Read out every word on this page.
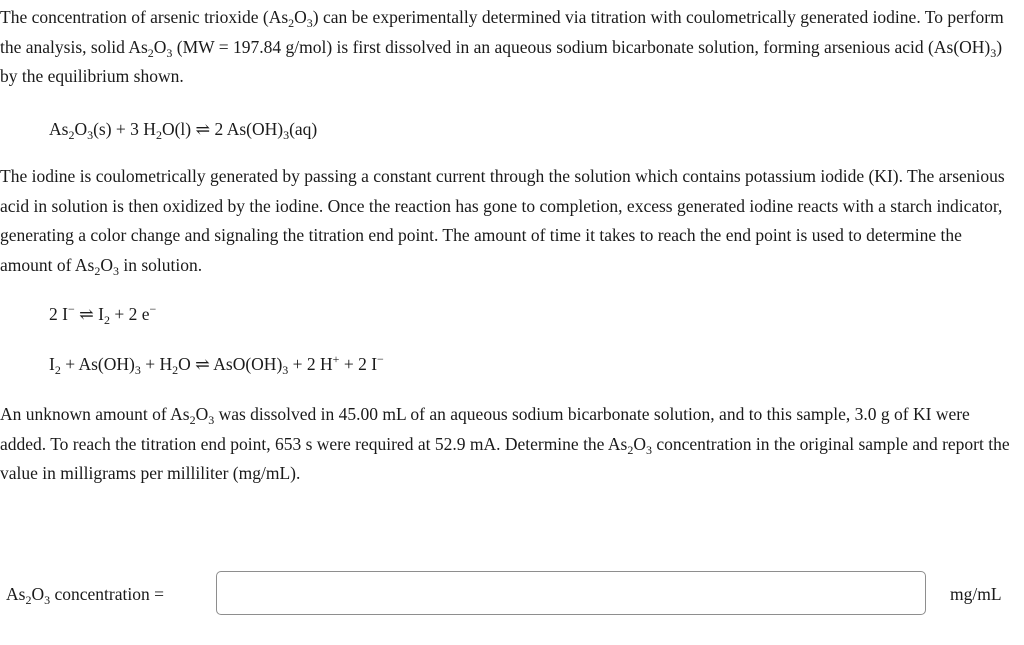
The concentration of arsenic trioxide $(As_2O_3)$ can be experimentally determined via titration with coulometrically generated iodine. To perform the analysis, solid $As_2O_3$ (MW = 197.84 g/mol) is first dissolved in an aqueous sodium bicarbonate solution, forming arsenious acid $(As(OH)_3)$ by the equilibrium shown.

$As_2O_3(s) + 3$ $H_2O(l)$ ⇌ 2 $As(OH)_3(aq)$

The iodine is coulometrically generated by passing a constant current through the solution which contains potassium iodide (KI). The arsenious acid in solution is then oxidized by the iodine. Once the reaction has gone to completion, excess generated iodine reacts with a starch indicator, generating a color change and signaling the titration end point. The amount of time it takes to reach the end point is used to determine the amount of $As_2O_3$ in solution.

2 I− ⇌ $I_2 + 2$ e−
$I_2 + As(OH)_3 + H_2O$ ⇌ $AsO(OH)_3 + 2$ H+ + 2 I−

An unknown amount of $As_2O_3$ was dissolved in 45.00 mL of an aqueous sodium bicarbonate solution, and to this sample, 3.0 g of KI were added. To reach the titration end point, 653 s were required at 52.9 mA. Determine the $As_2O_3$ concentration in the original sample and report the value in milligrams per milliliter (mg/mL).

$As_2O_3$ concentration =	mg/mL
